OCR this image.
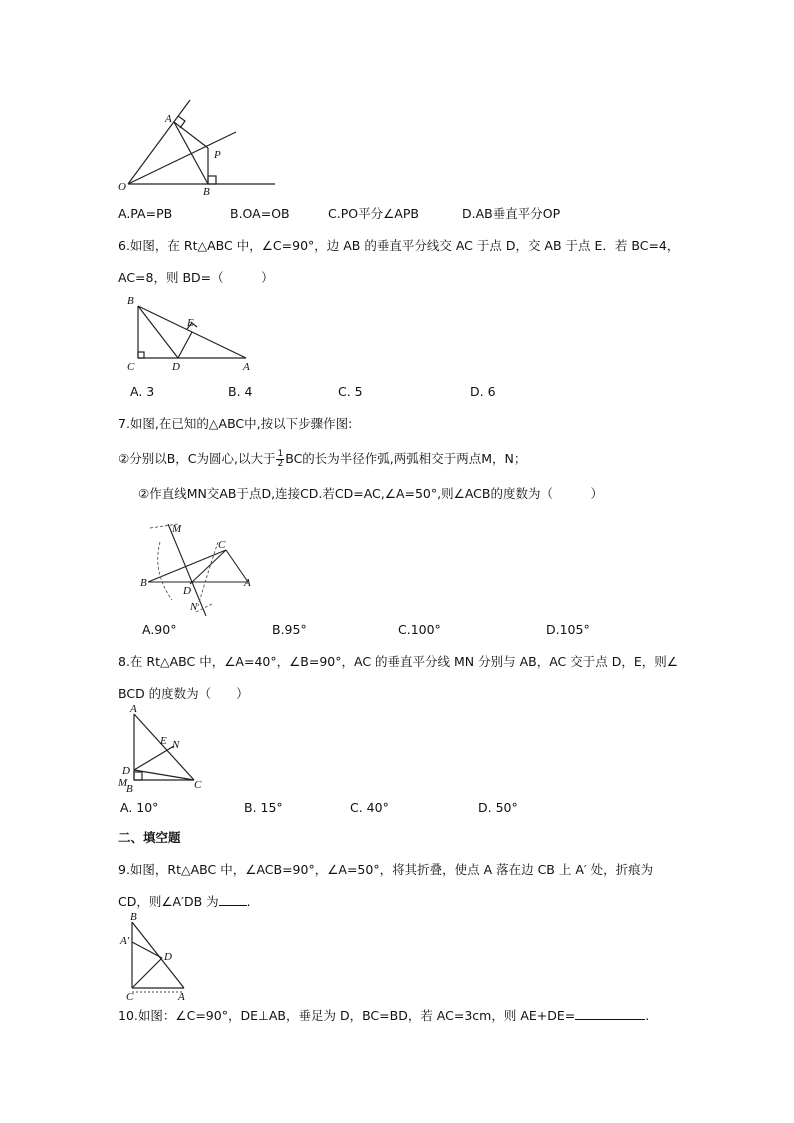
O
A
P
B
A.PA=PB	B.OA=OB	C.PO平分∠APB	D.AB垂直平分OP
6.如图，在 Rt△ABC 中，∠C=90°，边 AB 的垂直平分线交 AC 于点 D，交 AB 于点 E．若 BC=4，
AC=8，则 BD=（　　　）
B
E
C	D	A
A. 3	B. 4	C. 5	D. 6
7.如图,在已知的△ABC中,按以下步骤作图:
②分别以B，C为圆心,以大于 $\frac{1}{2}$ BC的长为半径作弧,两弧相交于两点M，N；
②作直线MN交AB于点D,连接CD.若CD=AC,∠A=50°,则∠ACB的度数为（　　　）
M
C
B	A
D
N
A.90°	B.95°	C.100°	D.105°
8.在 Rt△ABC 中，∠A=40°，∠B=90°，AC 的垂直平分线 MN 分别与 AB，AC 交于点 D，E，则∠
BCD 的度数为（　　）
A
E N
D
M
B	C
A. 10°	B. 15°	C. 40°	D. 50°
二、填空题
9.如图，Rt△ABC 中，∠ACB=90°，∠A=50°，将其折叠，使点 A 落在边 CB 上 A′ 处，折痕为
CD，则∠A′DB 为 .
B
A′
D
C	A
10.如图：∠C=90°，DE⊥AB，垂足为 D，BC=BD，若 AC=3cm，则 AE+DE=	.
